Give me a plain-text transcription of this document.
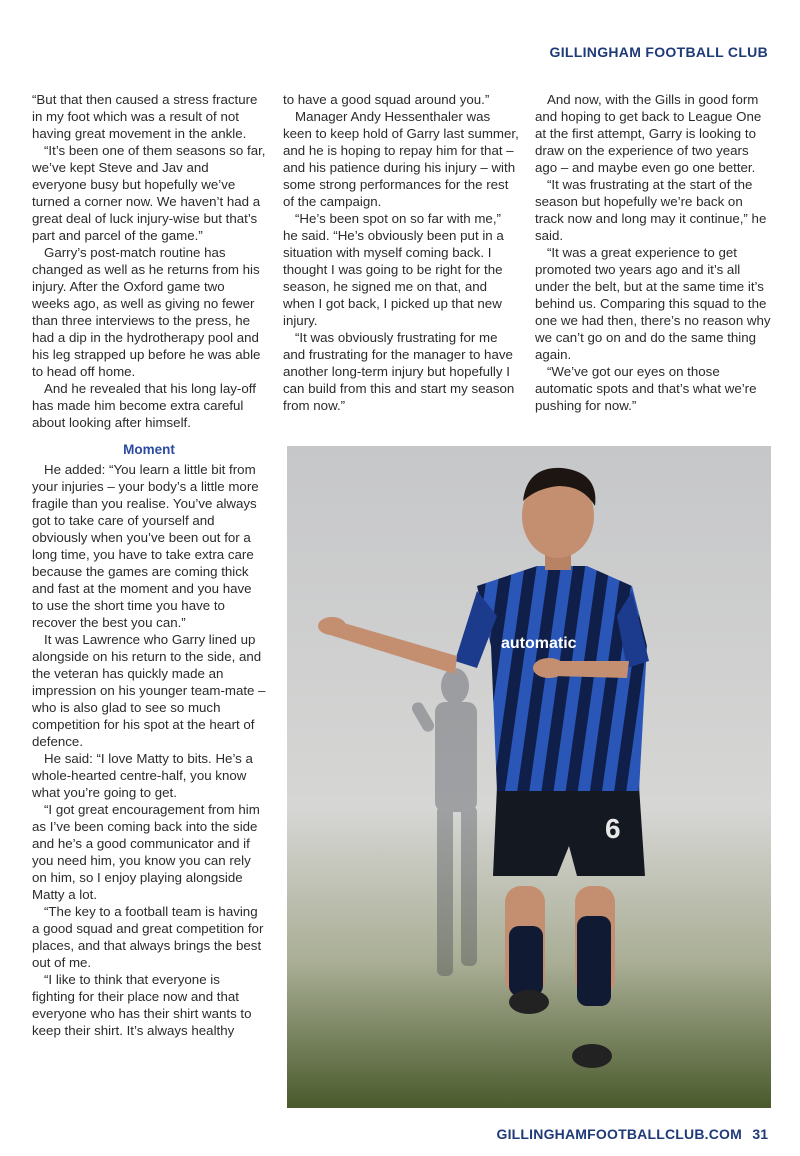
GILLINGHAM FOOTBALL CLUB

“But that then caused a stress fracture in my foot which was a result of not having great movement in the ankle.

“It’s been one of them seasons so far, we’ve kept Steve and Jav and everyone busy but hopefully we’ve turned a corner now. We haven’t had a great deal of luck injury-wise but that’s part and parcel of the game.”

Garry’s post-match routine has changed as well as he returns from his injury. After the Oxford game two weeks ago, as well as giving no fewer than three interviews to the press, he had a dip in the hydrotherapy pool and his leg strapped up before he was able to head off home.

And he revealed that his long lay-off has made him become extra careful about looking after himself.

Moment

He added: “You learn a little bit from your injuries – your body’s a little more fragile than you realise. You’ve always got to take care of yourself and obviously when you’ve been out for a long time, you have to take extra care because the games are coming thick and fast at the moment and you have to use the short time you have to recover the best you can.”

It was Lawrence who Garry lined up alongside on his return to the side, and the veteran has quickly made an impression on his younger team-mate – who is also glad to see so much competition for his spot at the heart of defence.

He said: “I love Matty to bits. He’s a whole-hearted centre-half, you know what you’re going to get.

“I got great encouragement from him as I’ve been coming back into the side and he’s a good communicator and if you need him, you know you can rely on him, so I enjoy playing alongside Matty a lot.

“The key to a football team is having a good squad and great competition for places, and that always brings the best out of me.

“I like to think that everyone is fighting for their place now and that everyone who has their shirt wants to keep their shirt. It’s always healthy

to have a good squad around you.”

Manager Andy Hessenthaler was keen to keep hold of Garry last summer, and he is hoping to repay him for that – and his patience during his injury – with some strong performances for the rest of the campaign.

“He’s been spot on so far with me,” he said. “He’s obviously been put in a situation with myself coming back. I thought I was going to be right for the season, he signed me on that, and when I got back, I picked up that new injury.

“It was obviously frustrating for me and frustrating for the manager to have another long-term injury but hopefully I can build from this and start my season from now.”

And now, with the Gills in good form and hoping to get back to League One at the first attempt, Garry is looking to draw on the experience of two years ago – and maybe even go one better.

“It was frustrating at the start of the season but hopefully we’re back on track now and long may it continue,” he said.

“It was a great experience to get promoted two years ago and it’s all under the belt, but at the same time it’s behind us. Comparing this squad to the one we had then, there’s no reason why we can’t go on and do the same thing again.

“We’ve got our eyes on those automatic spots and that’s what we’re pushing for now.”

6
automatic
GILLINGHAMFOOTBALLCLUB.COM 31
